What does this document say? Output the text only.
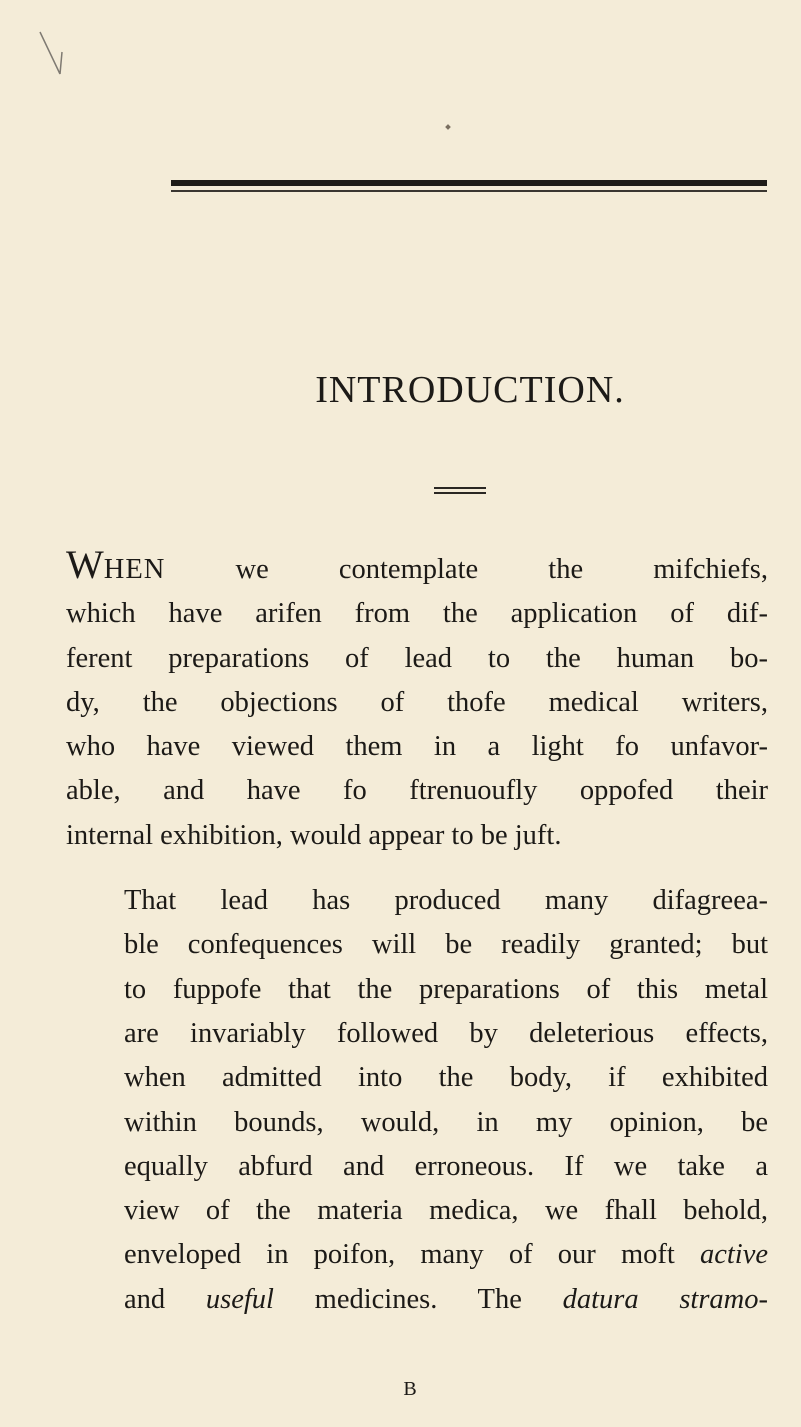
INTRODUCTION.

WHEN we contemplate the mifchiefs,
which have arifen from the application of dif-
ferent preparations of lead to the human bo-
dy, the objections of thofe medical writers,
who have viewed them in a light fo unfavor-
able, and have fo ftrenuoufly oppofed their
internal exhibition, would appear to be juft.

That lead has produced many difagreea-
ble confequences will be readily granted; but
to fuppofe that the preparations of this metal
are invariably followed by deleterious effects,
when admitted into the body, if exhibited
within bounds, would, in my opinion, be
equally abfurd and erroneous. If we take a
view of the materia medica, we fhall behold,
enveloped in poifon, many of our moft active
and useful medicines. The datura stramo-

B
